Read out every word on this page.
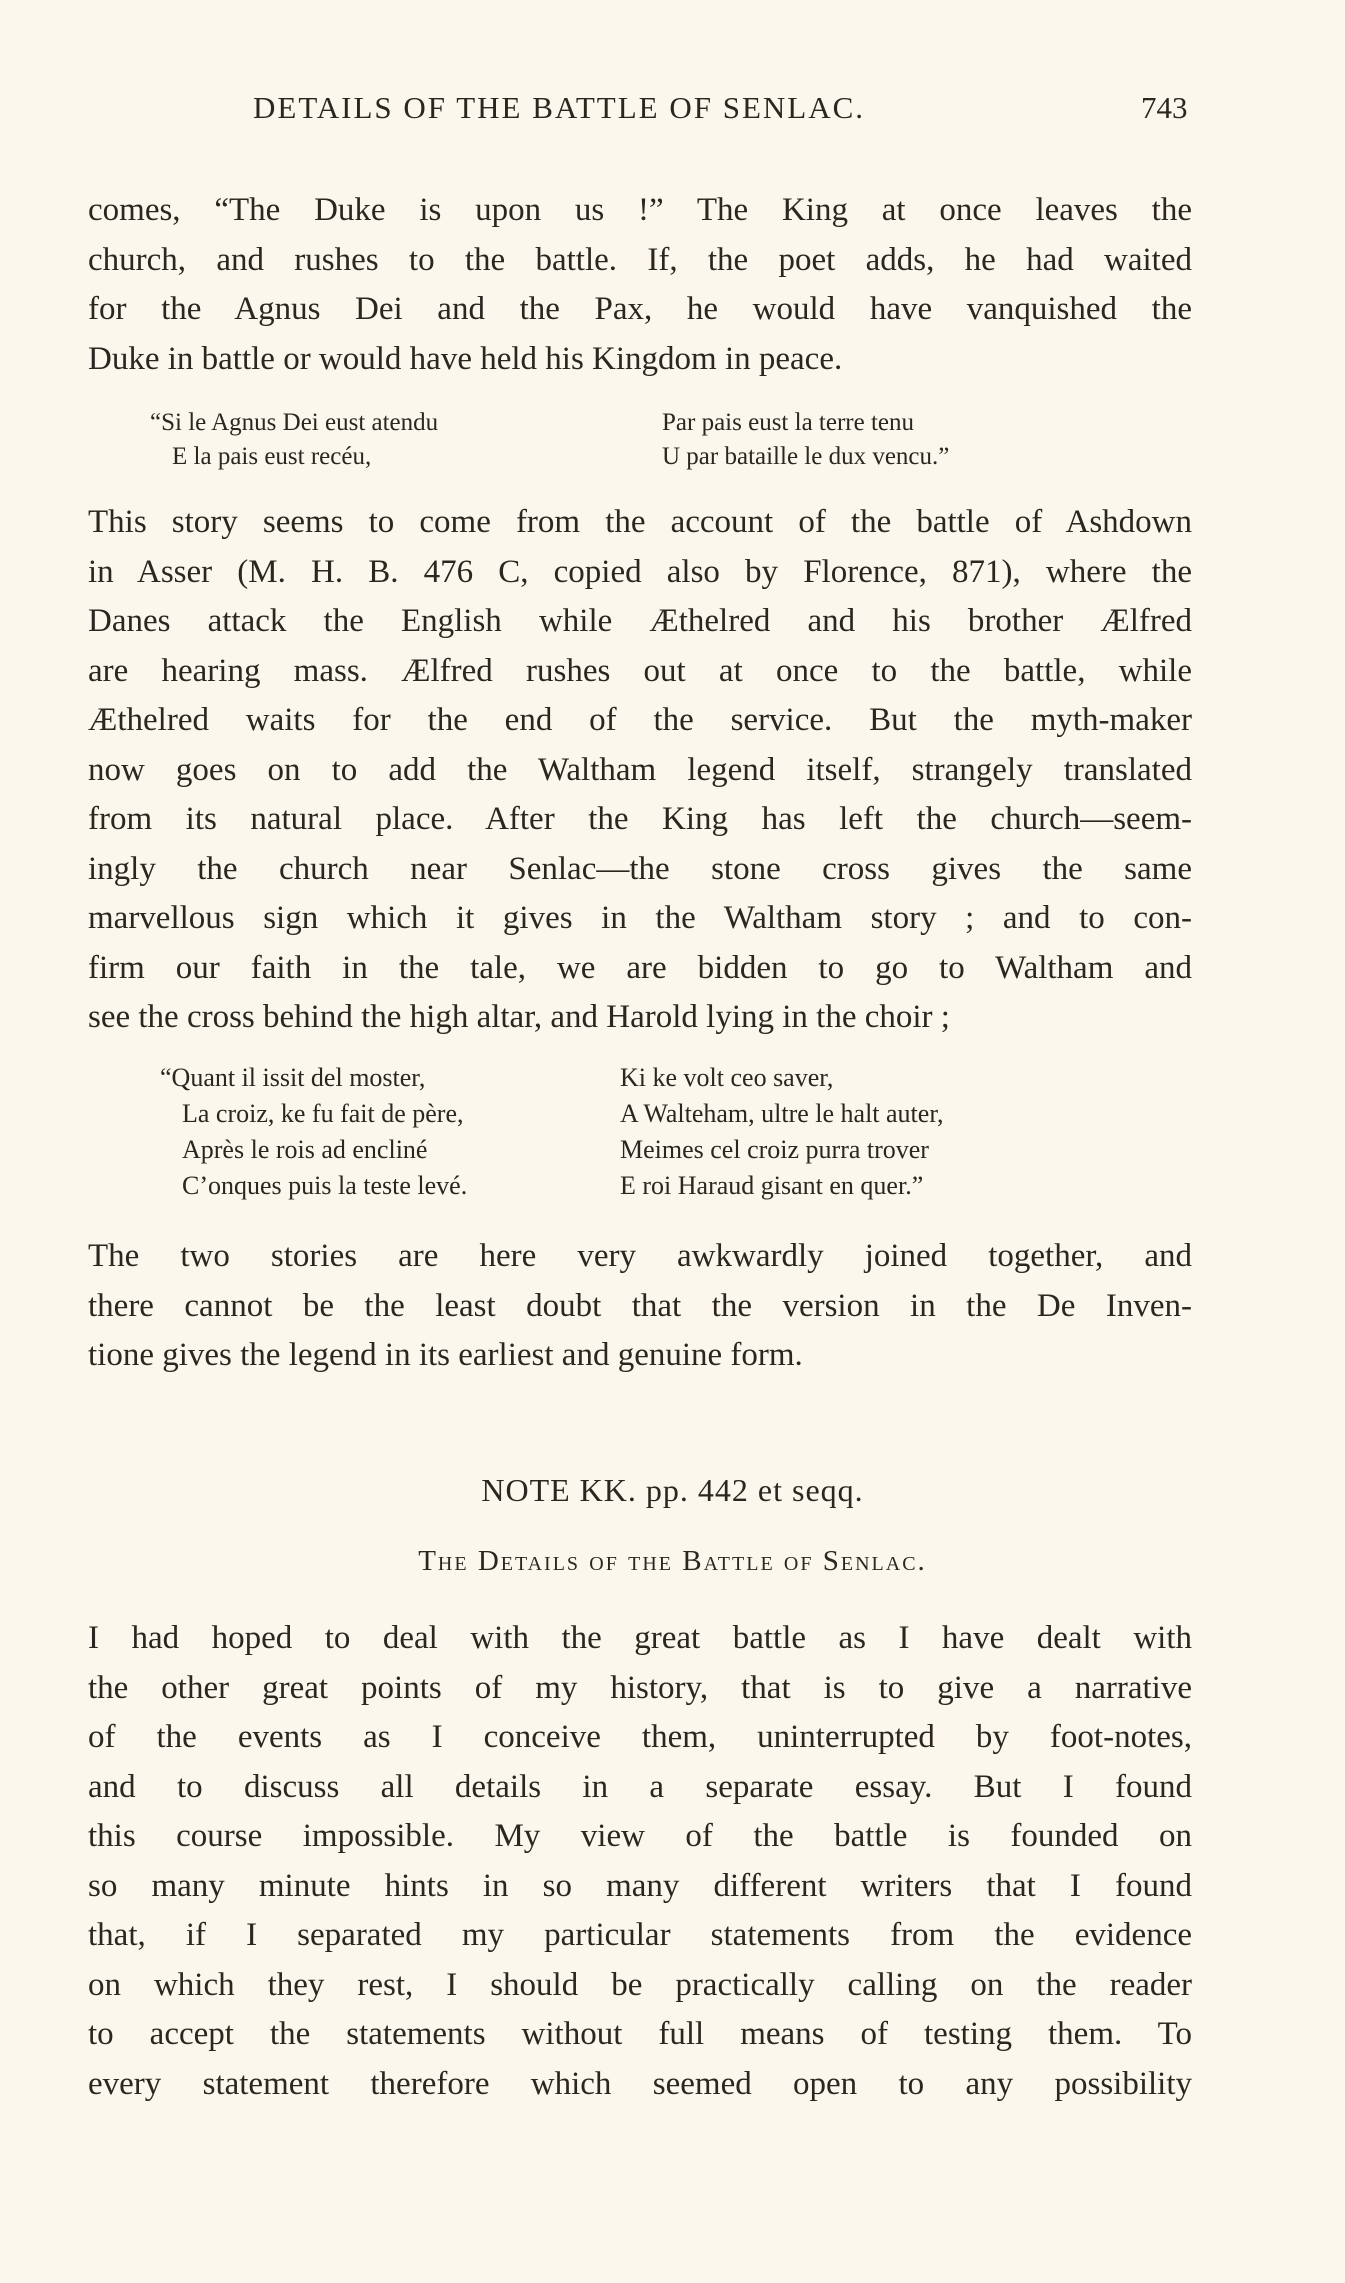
DETAILS OF THE BATTLE OF SENLAC.	743
comes, “The Duke is upon us !” The King at once leaves the
church, and rushes to the battle. If, the poet adds, he had waited
for the Agnus Dei and the Pax, he would have vanquished the
Duke in battle or would have held his Kingdom in peace.
“Si le Agnus Dei eust atendu	Par pais eust la terre tenu
E la pais eust recéu,	U par bataille le dux vencu.”
This story seems to come from the account of the battle of Ashdown
in Asser (M. H. B. 476 C, copied also by Florence, 871), where the
Danes attack the English while Æthelred and his brother Ælfred
are hearing mass. Ælfred rushes out at once to the battle, while
Æthelred waits for the end of the service. But the myth-maker
now goes on to add the Waltham legend itself, strangely translated
from its natural place. After the King has left the church—seem-
ingly the church near Senlac—the stone cross gives the same
marvellous sign which it gives in the Waltham story ; and to con-
firm our faith in the tale, we are bidden to go to Waltham and
see the cross behind the high altar, and Harold lying in the choir ;
“Quant il issit del moster,	Ki ke volt ceo saver,
La croiz, ke fu fait de père,	A Walteham, ultre le halt auter,
Après le rois ad encliné	Meimes cel croiz purra trover
C’onques puis la teste levé.	E roi Haraud gisant en quer.”
The two stories are here very awkwardly joined together, and
there cannot be the least doubt that the version in the De Inven-
tione gives the legend in its earliest and genuine form.
NOTE KK. pp. 442 et seqq.
The Details of the Battle of Senlac.
I had hoped to deal with the great battle as I have dealt with
the other great points of my history, that is to give a narrative
of the events as I conceive them, uninterrupted by foot-notes,
and to discuss all details in a separate essay. But I found
this course impossible. My view of the battle is founded on
so many minute hints in so many different writers that I found
that, if I separated my particular statements from the evidence
on which they rest, I should be practically calling on the reader
to accept the statements without full means of testing them. To
every statement therefore which seemed open to any possibility
